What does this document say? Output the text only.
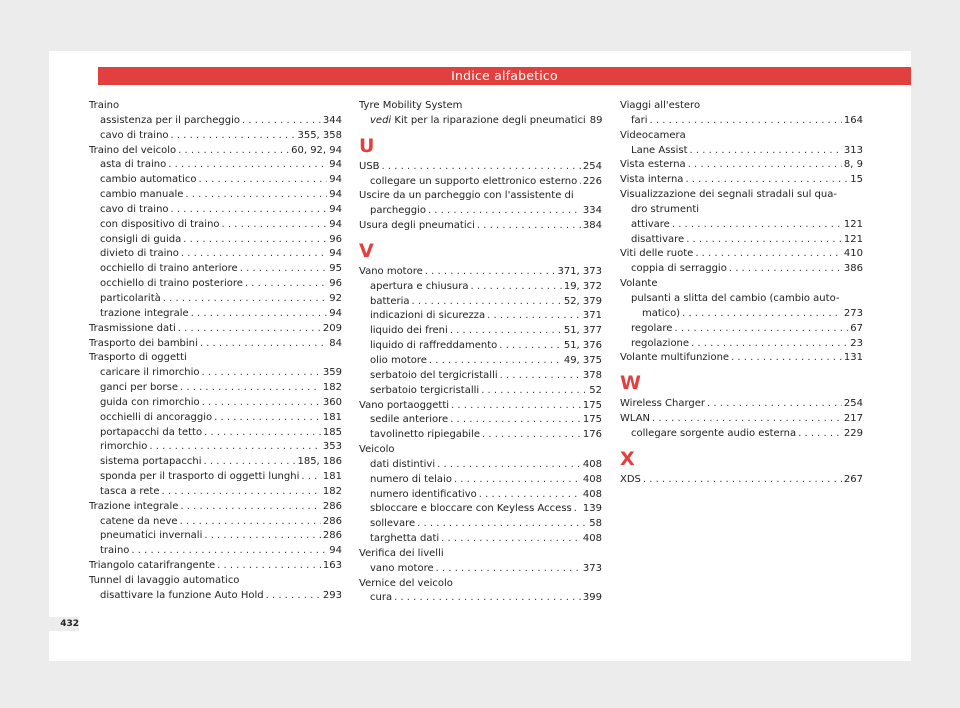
Indice alfabetico
432
Traino
assistenza per il parcheggio . . .	344
cavo di traino . . .	355, 358
Traino del veicolo . . .	60, 92, 94
asta di traino . . .	94
cambio automatico . . .	94
cambio manuale . . .	94
cavo di traino . . .	94
con dispositivo di traino . . .	94
consigli di guida . . .	96
divieto di traino . . .	94
occhiello di traino anteriore . . .	95
occhiello di traino posteriore . . .	96
particolarità . . .	92
trazione integrale . . .	94
Trasmissione dati . . .	209
Trasporto dei bambini . . .	84
Trasporto di oggetti
caricare il rimorchio . . .	359
ganci per borse . . .	182
guida con rimorchio . . .	360
occhielli di ancoraggio . . .	181
portapacchi da tetto . . .	185
rimorchio . . .	353
sistema portapacchi . . .	185, 186
sponda per il trasporto di oggetti lunghi . . . 181
tasca a rete . . .	182
Trazione integrale . . .	286
catene da neve . . .	286
pneumatici invernali . . .	286
traino . . .	94
Triangolo catarifrangente . . .	163
Tunnel di lavaggio automatico
disattivare la funzione Auto Hold . . .	293
Tyre Mobility System
vedi Kit per la riparazione degli pneumatici 89
U
USB . . .	254
collegare un supporto elettronico esterno . . . 226
Uscire da un parcheggio con l'assistente di
parcheggio . . .	334
Usura degli pneumatici . . .	384
V
Vano motore . . .	371, 373
apertura e chiusura . . .	19, 372
batteria . . .	52, 379
indicazioni di sicurezza . . .	371
liquido dei freni . . .	51, 377
liquido di raffreddamento . . .	51, 376
olio motore . . .	49, 375
serbatoio del tergicristalli . . .	378
serbatoio tergicristalli . . .	52
Vano portaoggetti . . .	175
sedile anteriore . . .	175
tavolinetto ripiegabile . . .	176
Veicolo
dati distintivi . . .	408
numero di telaio . . .	408
numero identificativo . . .	408
sbloccare e bloccare con Keyless Access . . . 139
sollevare . . .	58
targhetta dati . . .	408
Verifica dei livelli
vano motore . . .	373
Vernice del veicolo
cura . . .	399
Viaggi all'estero
fari . . .	164
Videocamera
Lane Assist . . .	313
Vista esterna . . .	8, 9
Vista interna . . .	15
Visualizzazione dei segnali stradali sul qua-
dro strumenti
attivare . . .	121
disattivare . . .	121
Viti delle ruote . . .	410
coppia di serraggio . . .	386
Volante
pulsanti a slitta del cambio (cambio auto-
matico) . . .	273
regolare . . .	67
regolazione . . .	23
Volante multifunzione . . .	131
W
Wireless Charger . . .	254
WLAN . . .	217
collegare sorgente audio esterna . . .	229
X
XDS . . .	267
